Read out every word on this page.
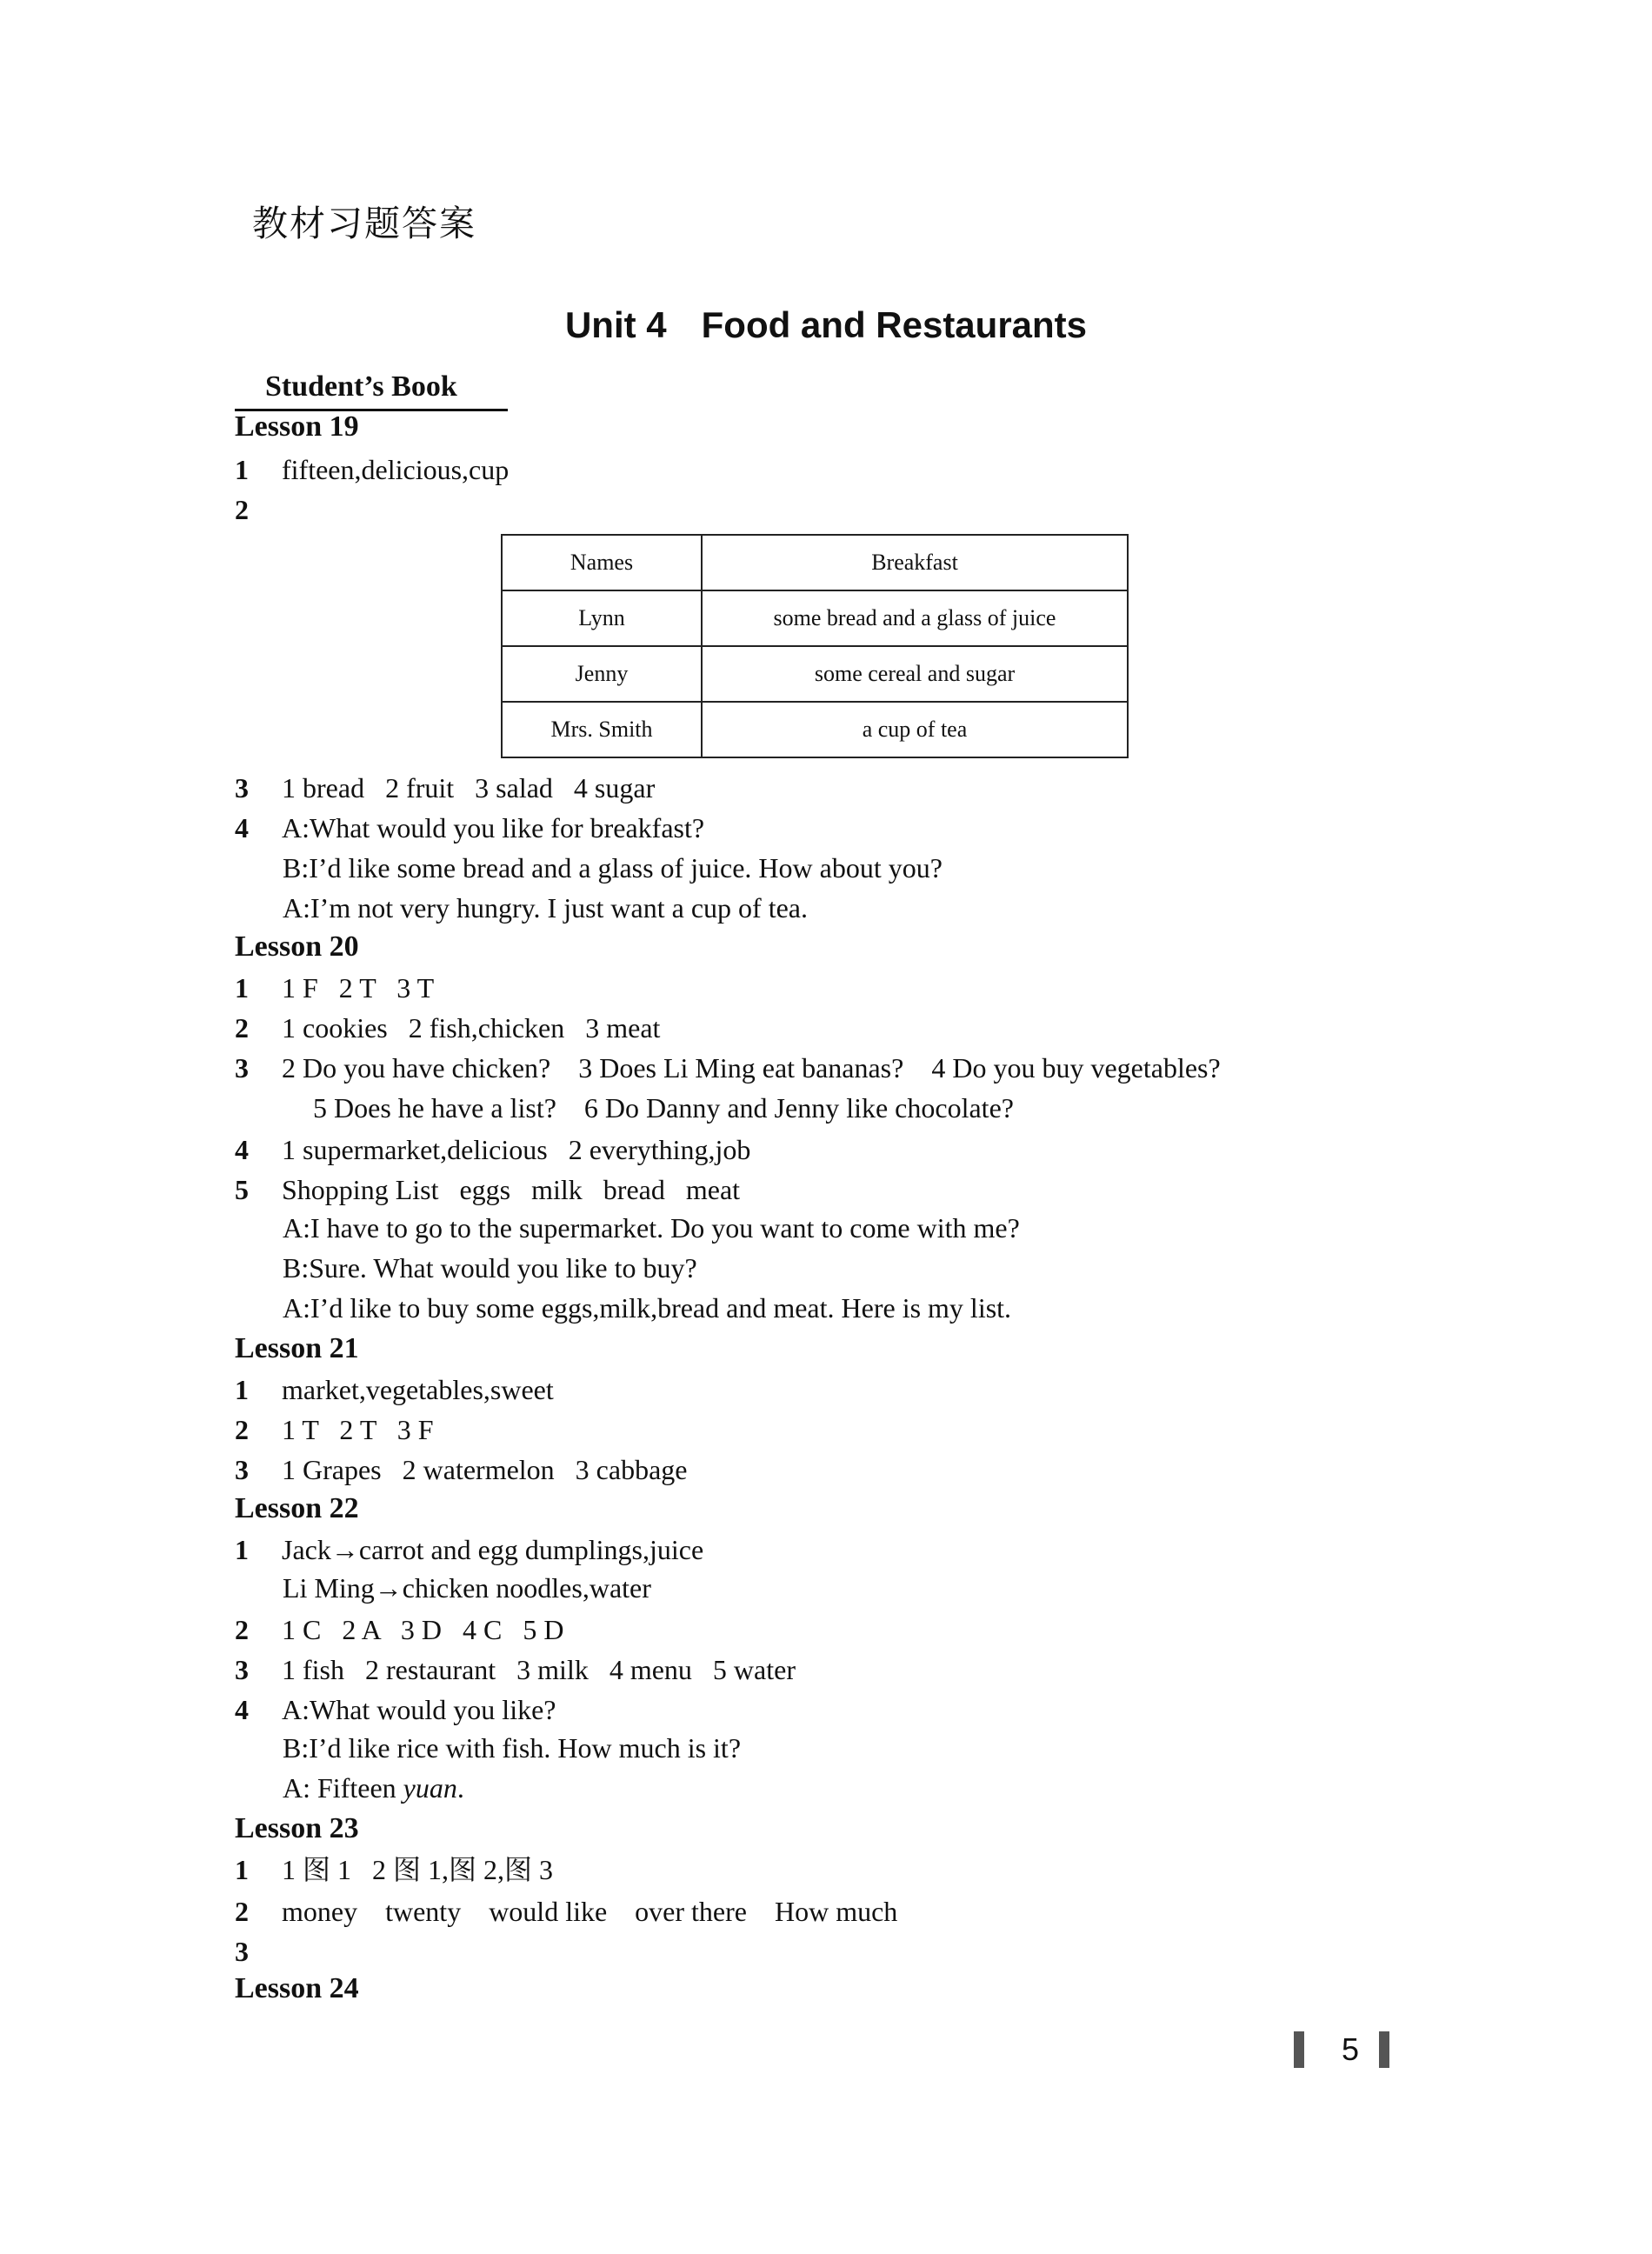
教材习题答案
Unit 4 Food and Restaurants
Student’s Book
Lesson 19
1 fifteen,delicious,cup
2
Names	Breakfast
Lynn	some bread and a glass of juice
Jenny	some cereal and sugar
Mrs. Smith	a cup of tea
3 1 bread   2 fruit   3 salad   4 sugar
4 A:What would you like for breakfast?
B:I’d like some bread and a glass of juice. How about you?
A:I’m not very hungry. I just want a cup of tea.
Lesson 20
1 1 F   2 T   3 T
2 1 cookies   2 fish,chicken   3 meat
3 2 Do you have chicken?    3 Does Li Ming eat bananas?    4 Do you buy vegetables?
5 Does he have a list?    6 Do Danny and Jenny like chocolate?
4 1 supermarket,delicious   2 everything,job
5 Shopping List   eggs   milk   bread   meat
A:I have to go to the supermarket. Do you want to come with me?
B:Sure. What would you like to buy?
A:I’d like to buy some eggs,milk,bread and meat. Here is my list.
Lesson 21
1 market,vegetables,sweet
2 1 T   2 T   3 F
3 1 Grapes   2 watermelon   3 cabbage
Lesson 22
1 Jack→carrot and egg dumplings,juice
Li Ming→chicken noodles,water
2 1 C   2 A   3 D   4 C   5 D
3 1 fish   2 restaurant   3 milk   4 menu   5 water
4 A:What would you like?
B:I’d like rice with fish. How much is it?
A: Fifteen yuan.
Lesson 23
1 1 图 1   2 图 1,图 2,图 3
2 money    twenty    would like    over there    How much
3
Lesson 24
5
